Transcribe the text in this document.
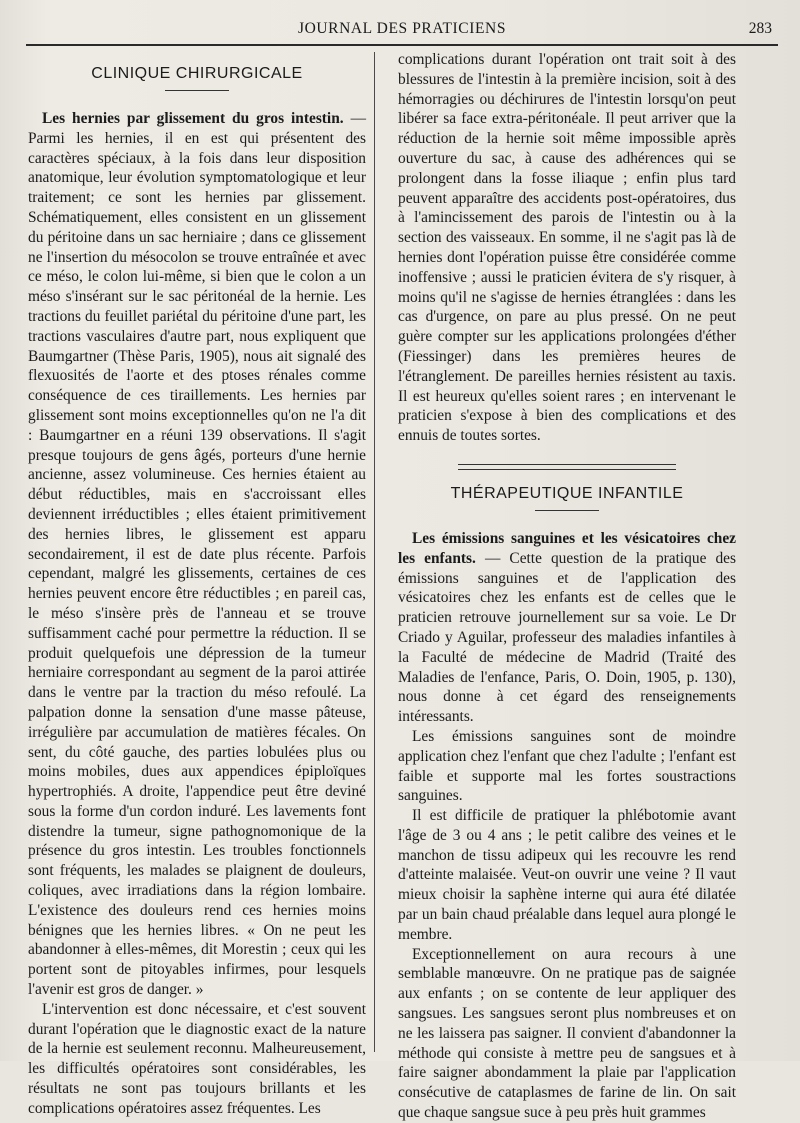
JOURNAL DES PRATICIENS	283
CLINIQUE CHIRURGICALE

Les hernies par glissement du gros intestin. — Parmi les hernies, il en est qui présentent des caractères spéciaux, à la fois dans leur disposition anatomique, leur évolution symptomatologique et leur traitement; ce sont les hernies par glissement. Schématiquement, elles consistent en un glissement du péritoine dans un sac herniaire ; dans ce glissement ne l'insertion du mésocolon se trouve entraînée et avec ce méso, le colon lui-même, si bien que le colon a un méso s'insérant sur le sac péritonéal de la hernie. Les tractions du feuillet pariétal du péritoine d'une part, les tractions vasculaires d'autre part, nous expliquent que Baumgartner (Thèse Paris, 1905), nous ait signalé des flexuosités de l'aorte et des ptoses rénales comme conséquence de ces tiraillements. Les hernies par glissement sont moins exceptionnelles qu'on ne l'a dit : Baumgartner en a réuni 139 observations. Il s'agit presque toujours de gens âgés, porteurs d'une hernie ancienne, assez volumineuse. Ces hernies étaient au début réductibles, mais en s'accroissant elles deviennent irréductibles ; elles étaient primitivement des hernies libres, le glissement est apparu secondairement, il est de date plus récente. Parfois cependant, malgré les glissements, certaines de ces hernies peuvent encore être réductibles ; en pareil cas, le méso s'insère près de l'anneau et se trouve suffisamment caché pour permettre la réduction. Il se produit quelquefois une dépression de la tumeur herniaire correspondant au segment de la paroi attirée dans le ventre par la traction du méso refoulé. La palpation donne la sensation d'une masse pâteuse, irrégulière par accumulation de matières fécales. On sent, du côté gauche, des parties lobulées plus ou moins mobiles, dues aux appendices épiploïques hypertrophiés. A droite, l'appendice peut être deviné sous la forme d'un cordon induré. Les lavements font distendre la tumeur, signe pathognomonique de la présence du gros intestin. Les troubles fonctionnels sont fréquents, les malades se plaignent de douleurs, coliques, avec irradiations dans la région lombaire. L'existence des douleurs rend ces hernies moins bénignes que les hernies libres. « On ne peut les abandonner à elles-mêmes, dit Morestin ; ceux qui les portent sont de pitoyables infirmes, pour lesquels l'avenir est gros de danger. »

L'intervention est donc nécessaire, et c'est souvent durant l'opération que le diagnostic exact de la nature de la hernie est seulement reconnu. Malheureusement, les difficultés opératoires sont considérables, les résultats ne sont pas toujours brillants et les complications opératoires assez fréquentes. Les

complications durant l'opération ont trait soit à des blessures de l'intestin à la première incision, soit à des hémorragies ou déchirures de l'intestin lorsqu'on peut libérer sa face extra-péritonéale. Il peut arriver que la réduction de la hernie soit même impossible après ouverture du sac, à cause des adhérences qui se prolongent dans la fosse iliaque ; enfin plus tard peuvent apparaître des accidents post-opératoires, dus à l'amincissement des parois de l'intestin ou à la section des vaisseaux. En somme, il ne s'agit pas là de hernies dont l'opération puisse être considérée comme inoffensive ; aussi le praticien évitera de s'y risquer, à moins qu'il ne s'agisse de hernies étranglées : dans les cas d'urgence, on pare au plus pressé. On ne peut guère compter sur les applications prolongées d'éther (Fiessinger) dans les premières heures de l'étranglement. De pareilles hernies résistent au taxis. Il est heureux qu'elles soient rares ; en intervenant le praticien s'expose à bien des complications et des ennuis de toutes sortes.

THÉRAPEUTIQUE INFANTILE

Les émissions sanguines et les vésicatoires chez les enfants. — Cette question de la pratique des émissions sanguines et de l'application des vésicatoires chez les enfants est de celles que le praticien retrouve journellement sur sa voie. Le Dr Criado y Aguilar, professeur des maladies infantiles à la Faculté de médecine de Madrid (Traité des Maladies de l'enfance, Paris, O. Doin, 1905, p. 130), nous donne à cet égard des renseignements intéressants.

Les émissions sanguines sont de moindre application chez l'enfant que chez l'adulte ; l'enfant est faible et supporte mal les fortes soustractions sanguines.

Il est difficile de pratiquer la phlébotomie avant l'âge de 3 ou 4 ans ; le petit calibre des veines et le manchon de tissu adipeux qui les recouvre les rend d'atteinte malaisée. Veut-on ouvrir une veine ? Il vaut mieux choisir la saphène interne qui aura été dilatée par un bain chaud préalable dans lequel aura plongé le membre.

Exceptionnellement on aura recours à une semblable manœuvre. On ne pratique pas de saignée aux enfants ; on se contente de leur appliquer des sangsues. Les sangsues seront plus nombreuses et on ne les laissera pas saigner. Il convient d'abandonner la méthode qui consiste à mettre peu de sangsues et à faire saigner abondamment la plaie par l'application consécutive de cataplasmes de farine de lin. On sait que chaque sangsue suce à peu près huit grammes
